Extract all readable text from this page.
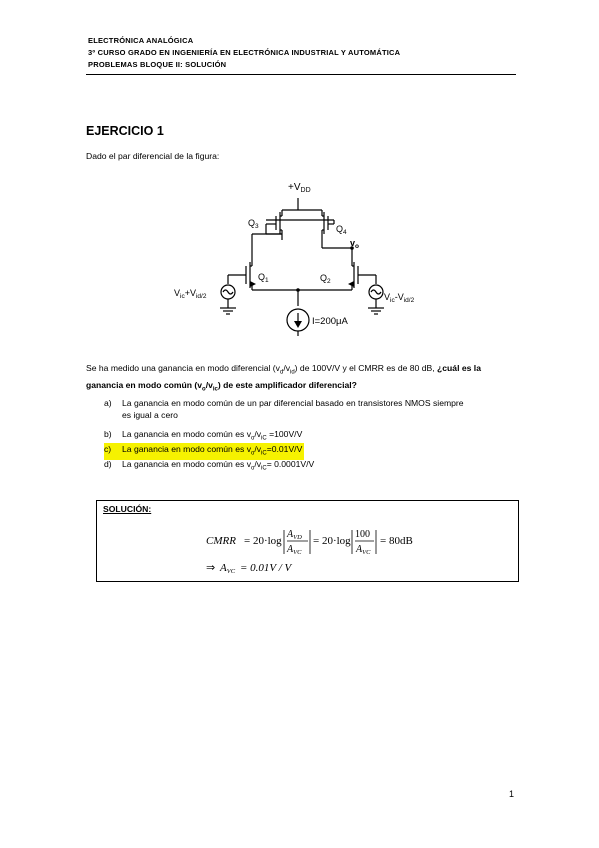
ELECTRÓNICA ANALÓGICA
3º CURSO GRADO EN INGENIERÍA EN ELECTRÓNICA INDUSTRIAL Y AUTOMÁTICA
PROBLEMAS BLOQUE II: SOLUCIÓN
EJERCICIO 1
Dado el par diferencial de la figura:
$+V_{DD}$
$Q_3$	$Q_4$
$v_o$
$Q_1$	$Q_2$
$V_{ic}+V_{id/2}$	$V_{ic}-V_{id/2}$
I=200μA
Se ha medido una ganancia en modo diferencial $(v_d/v_{id})$ de 100V/V y el CMRR es de 80 dB, ¿cuál es la ganancia en modo común $(v_o/v_{ic})$ de este amplificador diferencial?
a) La ganancia en modo común de un par diferencial basado en transistores NMOS siempre
es igual a cero
b) La ganancia en modo común es $v_o/v_{iC} =100V/V$
c) La ganancia en modo común es $v_o/v_{iC}=0.01V/V$
d) La ganancia en modo común es $v_o/v_{iC}= 0.0001V/V$
SOLUCIÓN:
CMRR = 20·log
$A_{VD}$
$A_{VC}$
= 20·log
100
$A_{VC}$
= 80dB
⇒ AVC = 0.01V / V
1
